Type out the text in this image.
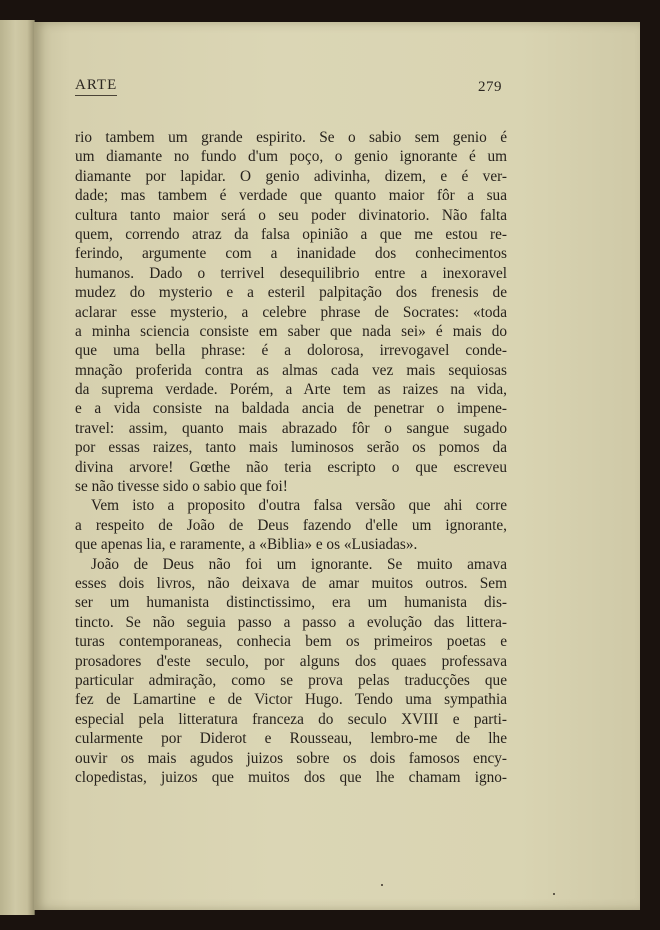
ARTE	279
rio tambem um grande espirito. Se o sabio sem genio é
um diamante no fundo d'um poço, o genio ignorante é um
diamante por lapidar. O genio adivinha, dizem, e é ver-
dade; mas tambem é verdade que quanto maior fôr a sua
cultura tanto maior será o seu poder divinatorio. Não falta
quem, correndo atraz da falsa opinião a que me estou re-
ferindo, argumente com a inanidade dos conhecimentos
humanos. Dado o terrivel desequilibrio entre a inexoravel
mudez do mysterio e a esteril palpitação dos frenesis de
aclarar esse mysterio, a celebre phrase de Socrates: «toda
a minha sciencia consiste em saber que nada sei» é mais do
que uma bella phrase: é a dolorosa, irrevogavel conde-
mnação proferida contra as almas cada vez mais sequiosas
da suprema verdade. Porém, a Arte tem as raizes na vida,
e a vida consiste na baldada ancia de penetrar o impene-
travel: assim, quanto mais abrazado fôr o sangue sugado
por essas raizes, tanto mais luminosos serão os pomos da
divina arvore! Gœthe não teria escripto o que escreveu
se não tivesse sido o sabio que foi!
Vem isto a proposito d'outra falsa versão que ahi corre
a respeito de João de Deus fazendo d'elle um ignorante,
que apenas lia, e raramente, a «Biblia» e os «Lusiadas».
João de Deus não foi um ignorante. Se muito amava
esses dois livros, não deixava de amar muitos outros. Sem
ser um humanista distinctissimo, era um humanista dis-
tincto. Se não seguia passo a passo a evolução das littera-
turas contemporaneas, conhecia bem os primeiros poetas e
prosadores d'este seculo, por alguns dos quaes professava
particular admiração, como se prova pelas traducções que
fez de Lamartine e de Victor Hugo. Tendo uma sympathia
especial pela litteratura franceza do seculo XVIII e parti-
cularmente por Diderot e Rousseau, lembro-me de lhe
ouvir os mais agudos juizos sobre os dois famosos ency-
clopedistas, juizos que muitos dos que lhe chamam igno-
